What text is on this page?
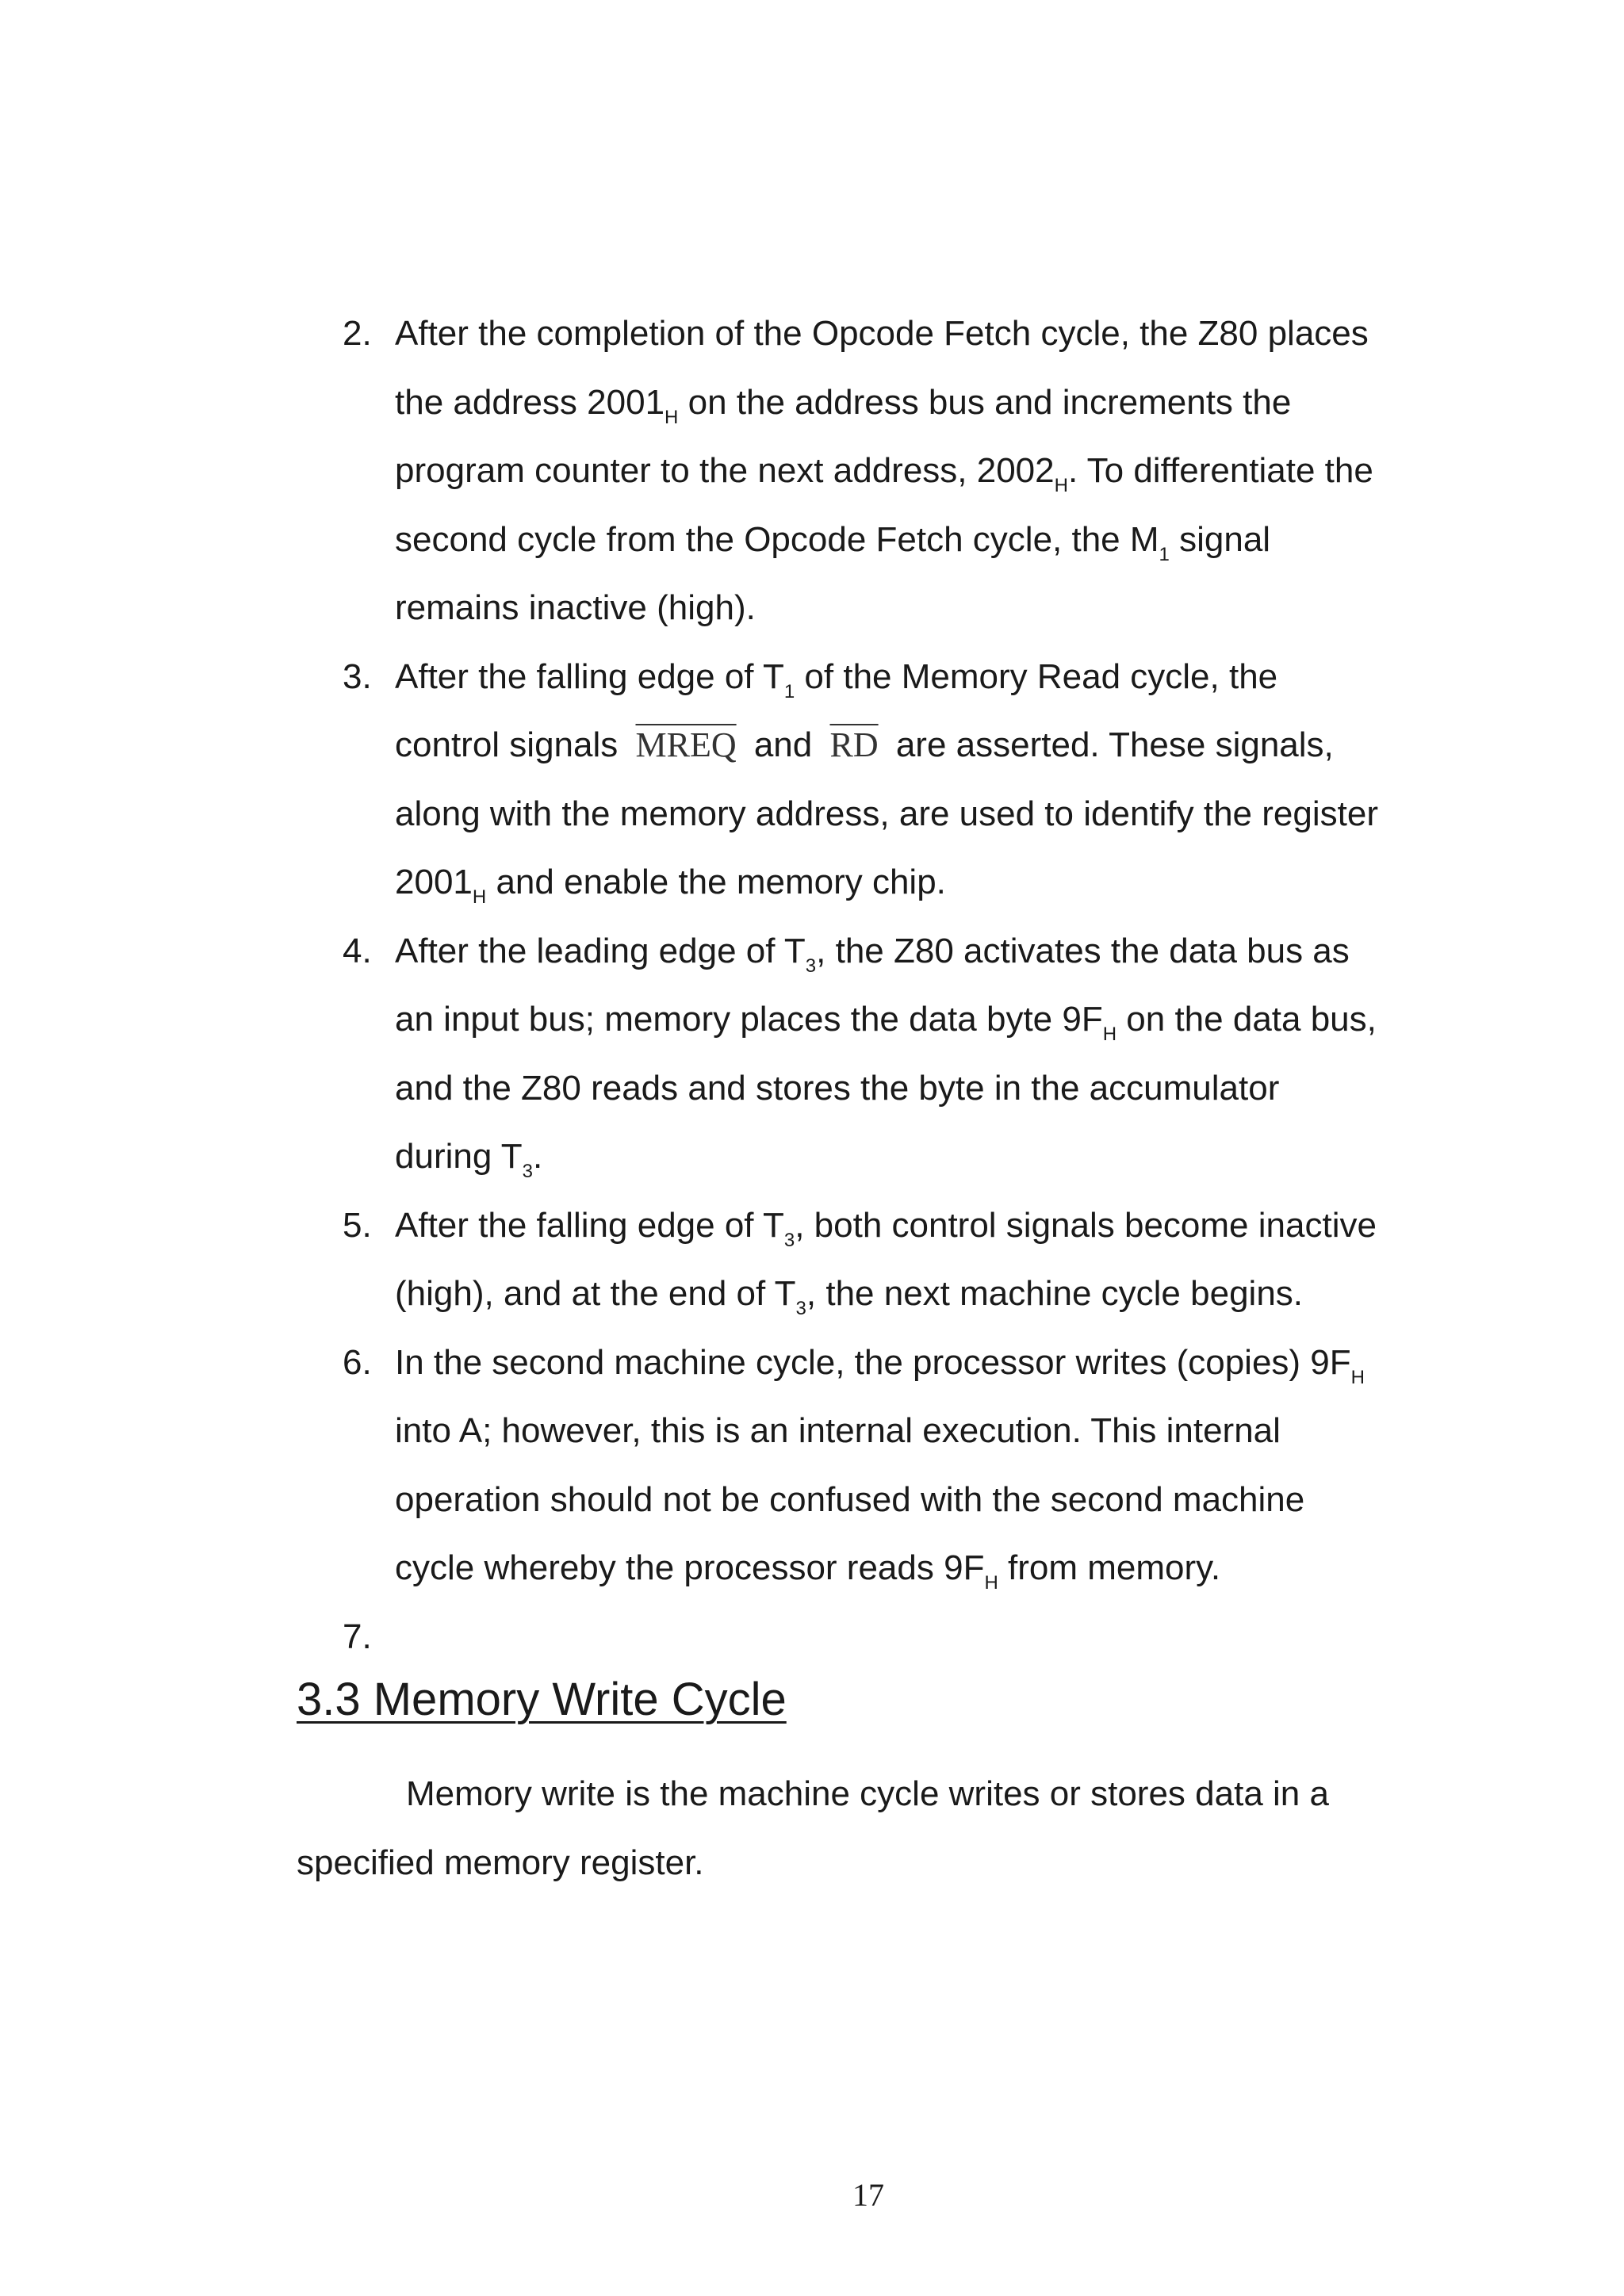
2. After the completion of the Opcode Fetch cycle, the Z80 places
the address $2001_H$ on the address bus and increments the
program counter to the next address, $2002_H$. To differentiate the
second cycle from the Opcode Fetch cycle, the $M_1$ signal
remains inactive (high).
3. After the falling edge of $T_1$ of the Memory Read cycle, the
control signals MREQ and $\overline{RD}$ are asserted. These signals,
along with the memory address, are used to identify the register
$2001_H$ and enable the memory chip.
4. After the leading edge of $T_3$, the Z80 activates the data bus as
an input bus; memory places the data byte $9F_H$ on the data bus,
and the Z80 reads and stores the byte in the accumulator
during $T_3$.
5. After the falling edge of $T_3$, both control signals become inactive
(high), and at the end of $T_3$, the next machine cycle begins.
6. In the second machine cycle, the processor writes (copies) $9F_H$
into A; however, this is an internal execution. This internal
operation should not be confused with the second machine
cycle whereby the processor reads $9F_H$ from memory.
7.
3.3 Memory Write Cycle
Memory write is the machine cycle writes or stores data in a
specified memory register.
17
